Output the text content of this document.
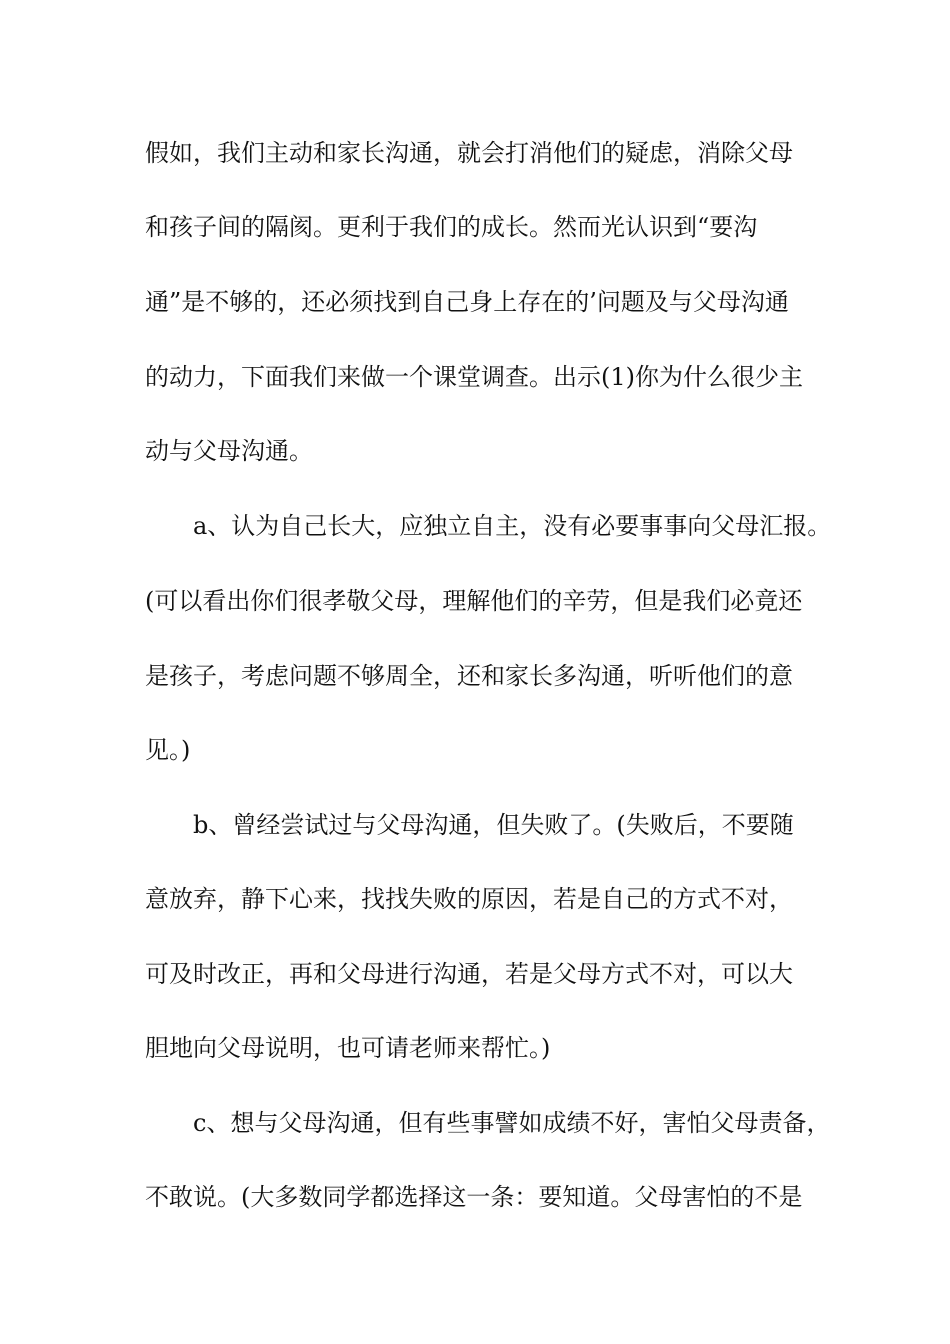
假如，我们主动和家长沟通，就会打消他们的疑虑，消除父母
和孩子间的隔阂。更利于我们的成长。然而光认识到“要沟
通”是不够的，还必须找到自己身上存在的’问题及与父母沟通
的动力，下面我们来做一个课堂调查。出示(1)你为什么很少主
动与父母沟通。
a、认为自己长大，应独立自主，没有必要事事向父母汇报。
(可以看出你们很孝敬父母，理解他们的辛劳，但是我们必竟还
是孩子，考虑问题不够周全，还和家长多沟通，听听他们的意
见。)
b、曾经尝试过与父母沟通，但失败了。(失败后，不要随
意放弃，静下心来，找找失败的原因，若是自己的方式不对，
可及时改正，再和父母进行沟通，若是父母方式不对，可以大
胆地向父母说明，也可请老师来帮忙。)
c、想与父母沟通，但有些事譬如成绩不好，害怕父母责备，
不敢说。(大多数同学都选择这一条：要知道。父母害怕的不是
